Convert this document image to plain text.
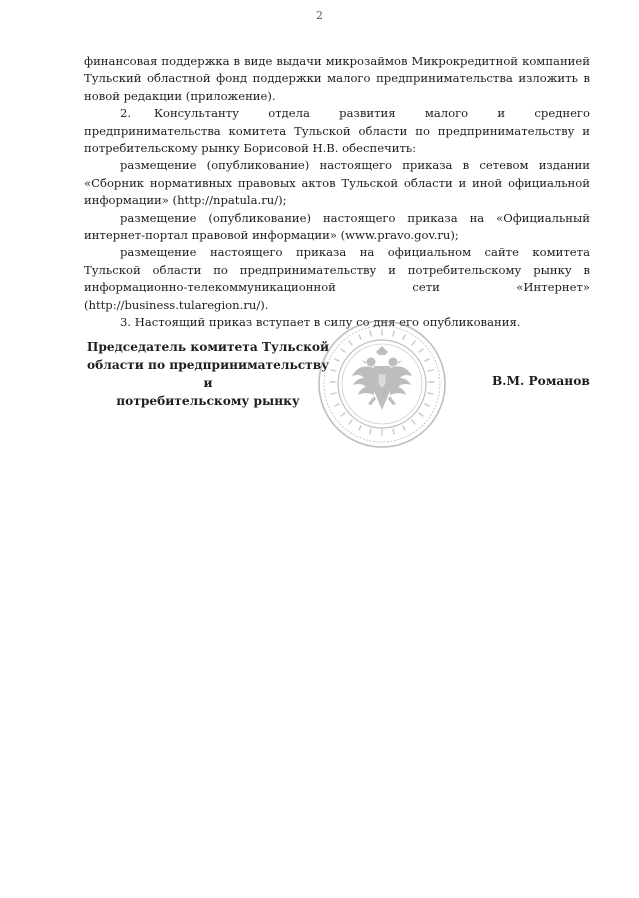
2

финансовая поддержка в виде выдачи микрозаймов Микрокредитной компанией Тульский областной фонд поддержки малого предпринимательства изложить в новой редакции (приложение).

2. Консультанту отдела развития малого и среднего предпринимательства комитета Тульской области по предпринимательству и потребительскому рынку Борисовой Н.В. обеспечить:

размещение (опубликование) настоящего приказа в сетевом издании «Сборник нормативных правовых актов Тульской области и иной официальной информации» (http://npatula.ru/);

размещение (опубликование) настоящего приказа на «Официальный интернет-портал правовой информации» (www.pravo.gov.ru);

размещение настоящего приказа на официальном сайте комитета Тульской области по предпринимательству и потребительскому рынку в информационно-телекоммуникационной сети «Интернет» (http://business.tularegion.ru/).

3. Настоящий приказ вступает в силу со дня его опубликования.

Председатель комитета Тульской
области по предпринимательству и
потребительскому рынку
В.М. Романов
